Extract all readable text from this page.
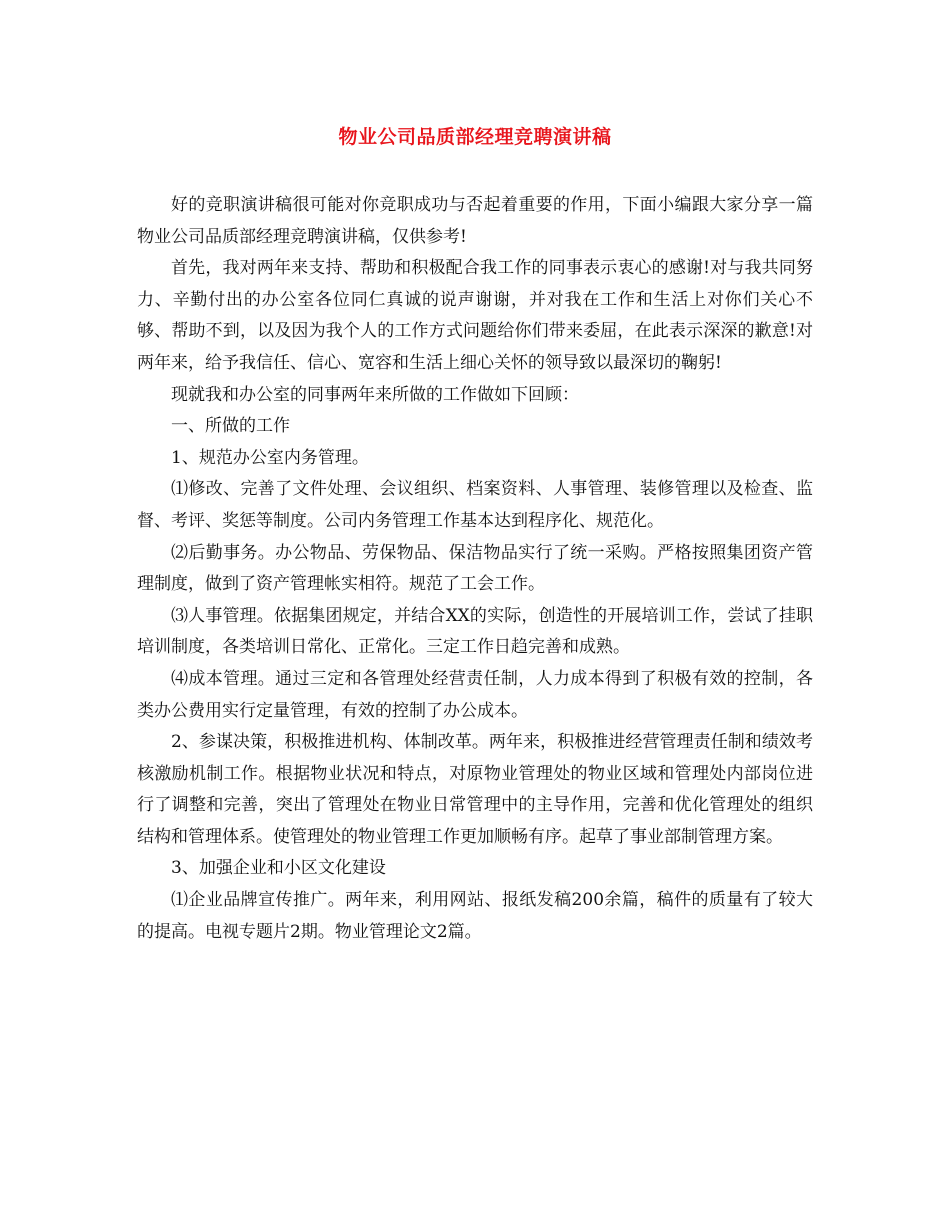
物业公司品质部经理竞聘演讲稿

好的竞职演讲稿很可能对你竞职成功与否起着重要的作用，下面小编跟大家分享一篇物业公司品质部经理竞聘演讲稿，仅供参考!

首先，我对两年来支持、帮助和积极配合我工作的同事表示衷心的感谢!对与我共同努力、辛勤付出的办公室各位同仁真诚的说声谢谢，并对我在工作和生活上对你们关心不够、帮助不到，以及因为我个人的工作方式问题给你们带来委屈，在此表示深深的歉意!对两年来，给予我信任、信心、宽容和生活上细心关怀的领导致以最深切的鞠躬!

现就我和办公室的同事两年来所做的工作做如下回顾：

一、所做的工作

1、规范办公室内务管理。

⑴修改、完善了文件处理、会议组织、档案资料、人事管理、装修管理以及检查、监督、考评、奖惩等制度。公司内务管理工作基本达到程序化、规范化。

⑵后勤事务。办公物品、劳保物品、保洁物品实行了统一采购。严格按照集团资产管理制度，做到了资产管理帐实相符。规范了工会工作。

⑶人事管理。依据集团规定，并结合XX的实际，创造性的开展培训工作，尝试了挂职培训制度，各类培训日常化、正常化。三定工作日趋完善和成熟。

⑷成本管理。通过三定和各管理处经营责任制，人力成本得到了积极有效的控制，各类办公费用实行定量管理，有效的控制了办公成本。

2、参谋决策，积极推进机构、体制改革。两年来，积极推进经营管理责任制和绩效考核激励机制工作。根据物业状况和特点，对原物业管理处的物业区域和管理处内部岗位进行了调整和完善，突出了管理处在物业日常管理中的主导作用，完善和优化管理处的组织结构和管理体系。使管理处的物业管理工作更加顺畅有序。起草了事业部制管理方案。

3、加强企业和小区文化建设

⑴企业品牌宣传推广。两年来，利用网站、报纸发稿200余篇，稿件的质量有了较大的提高。电视专题片2期。物业管理论文2篇。
